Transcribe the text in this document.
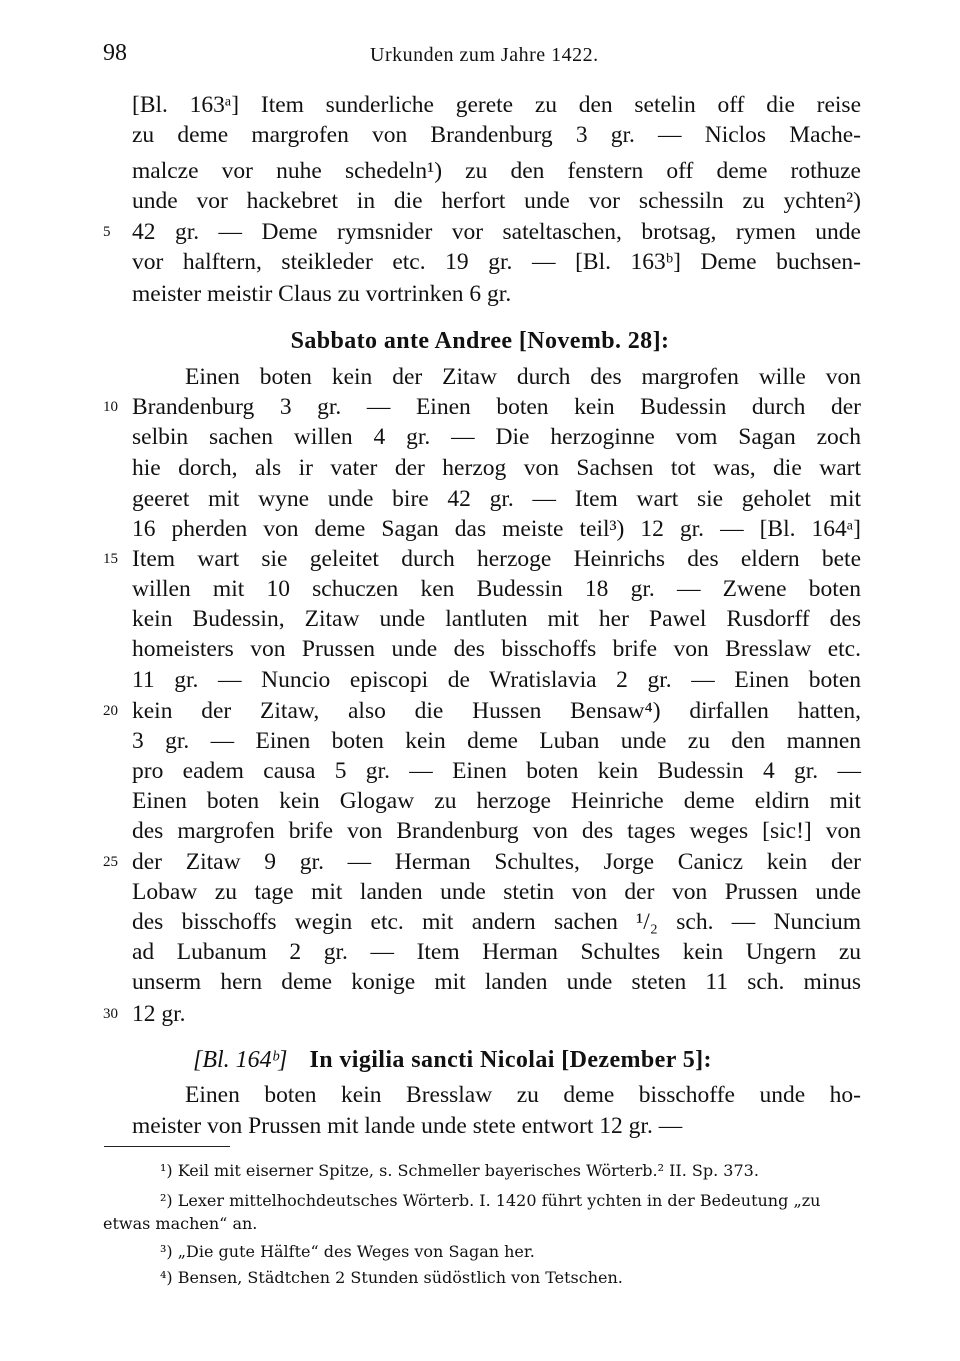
98	Urkunden zum Jahre 1422.
[Bl. 163ᵃ] Item sunderliche gerete zu den setelin off die reise
zu deme margrofen von Brandenburg 3 gr. — Niclos Mache-
malcze vor nuhe schedeln¹) zu den fenstern off deme rothuze
unde vor hackebret in die herfort unde vor schessiln zu ychten²)
5 42 gr. — Deme rymsnider vor sateltaschen, brotsag, rymen unde
vor halftern, steikleder etc. 19 gr. — [Bl. 163ᵇ] Deme buchsen-
meister meistir Claus zu vortrinken 6 gr.
Sabbato ante Andree [Novemb. 28]:
Einen boten kein der Zitaw durch des margrofen wille von
10 Brandenburg 3 gr. — Einen boten kein Budessin durch der
selbin sachen willen 4 gr. — Die herzoginne vom Sagan zoch
hie dorch, als ir vater der herzog von Sachsen tot was, die wart
geeret mit wyne unde bire 42 gr. — Item wart sie geholet mit
16 pherden von deme Sagan das meiste teil³) 12 gr. — [Bl. 164ᵃ]
15 Item wart sie geleitet durch herzoge Heinrichs des eldern bete
willen mit 10 schuczen ken Budessin 18 gr. — Zwene boten
kein Budessin, Zitaw unde lantluten mit her Pawel Rusdorff des
homeisters von Prussen unde des bisschoffs brife von Bresslaw etc.
11 gr. — Nuncio episcopi de Wratislavia 2 gr. — Einen boten
20 kein der Zitaw, also die Hussen Bensaw⁴) dirfallen hatten,
3 gr. — Einen boten kein deme Luban unde zu den mannen
pro eadem causa 5 gr. — Einen boten kein Budessin 4 gr. —
Einen boten kein Glogaw zu herzoge Heinriche deme eldirn mit
des margrofen brife von Brandenburg von des tages weges [sic!] von
25 der Zitaw 9 gr. — Herman Schultes, Jorge Canicz kein der
Lobaw zu tage mit landen unde stetin von der von Prussen unde
des bisschoffs wegin etc. mit andern sachen ¹/₂ sch. — Nuncium
ad Lubanum 2 gr. — Item Herman Schultes kein Ungern zu
unserm hern deme konige mit landen unde steten 11 sch. minus
30 12 gr.
[Bl. 164ᵇ] In vigilia sancti Nicolai [Dezember 5]:
Einen boten kein Bresslaw zu deme bisschoffe unde ho-
meister von Prussen mit lande unde stete entwort 12 gr. —
¹) Keil mit eiserner Spitze, s. Schmeller bayerisches Wörterb.² II. Sp. 373.
²) Lexer mittelhochdeutsches Wörterb. I. 1420 führt ychten in der Bedeutung „zu
etwas machen“ an.
³) „Die gute Hälfte“ des Weges von Sagan her.
⁴) Bensen, Städtchen 2 Stunden südöstlich von Tetschen.
